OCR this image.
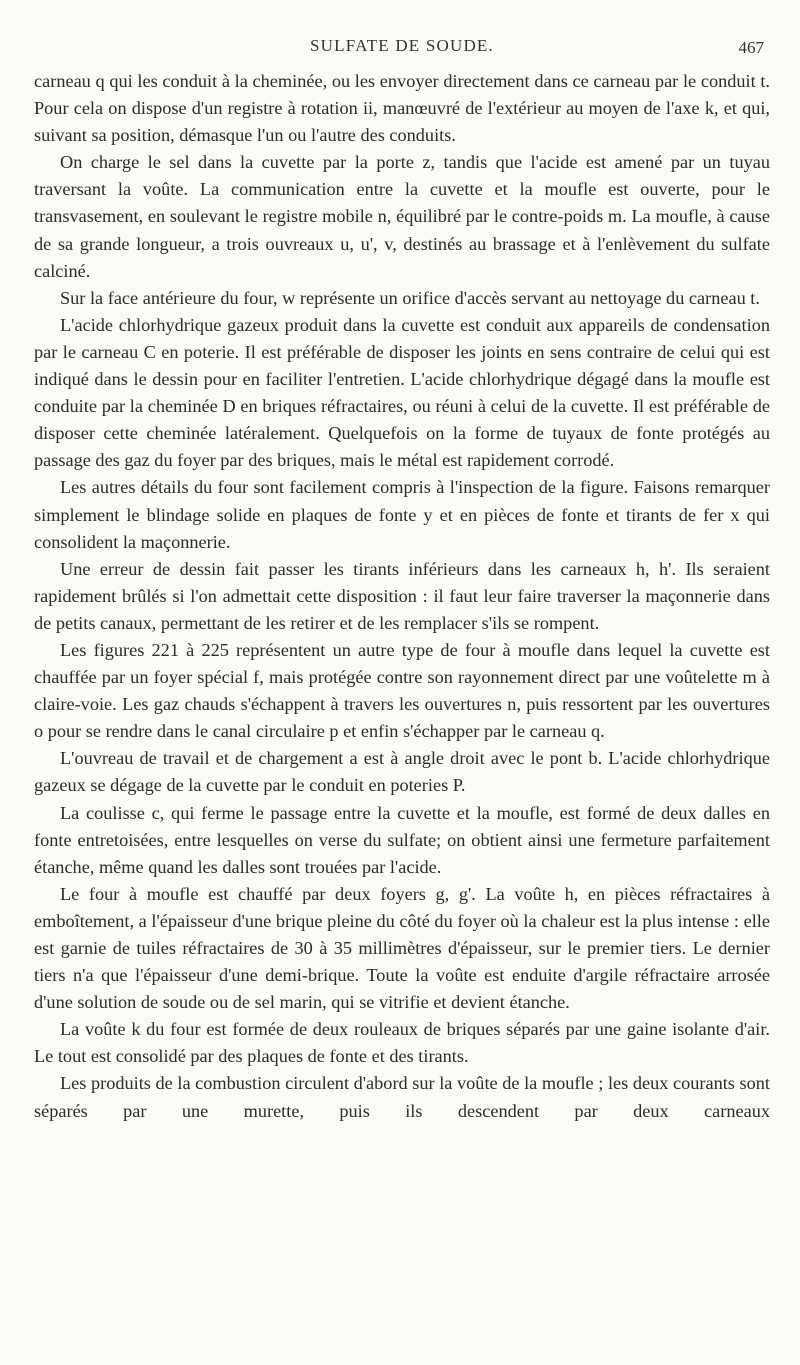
SULFATE DE SOUDE.	467

carneau q qui les conduit à la cheminée, ou les envoyer directement dans ce carneau par le conduit t. Pour cela on dispose d'un registre à rotation ii, manœuvré de l'extérieur au moyen de l'axe k, et qui, suivant sa position, démasque l'un ou l'autre des conduits.

On charge le sel dans la cuvette par la porte z, tandis que l'acide est amené par un tuyau traversant la voûte. La communication entre la cuvette et la moufle est ouverte, pour le transvasement, en soulevant le registre mobile n, équilibré par le contre-poids m. La moufle, à cause de sa grande longueur, a trois ouvreaux u, u', v, destinés au brassage et à l'enlèvement du sulfate calciné.

Sur la face antérieure du four, w représente un orifice d'accès servant au nettoyage du carneau t.

L'acide chlorhydrique gazeux produit dans la cuvette est conduit aux appareils de condensation par le carneau C en poterie. Il est préférable de disposer les joints en sens contraire de celui qui est indiqué dans le dessin pour en faciliter l'entretien. L'acide chlorhydrique dégagé dans la moufle est conduite par la cheminée D en briques réfractaires, ou réuni à celui de la cuvette. Il est préférable de disposer cette cheminée latéralement. Quelquefois on la forme de tuyaux de fonte protégés au passage des gaz du foyer par des briques, mais le métal est rapidement corrodé.

Les autres détails du four sont facilement compris à l'inspection de la figure. Faisons remarquer simplement le blindage solide en plaques de fonte y et en pièces de fonte et tirants de fer x qui consolident la maçonnerie.

Une erreur de dessin fait passer les tirants inférieurs dans les carneaux h, h'. Ils seraient rapidement brûlés si l'on admettait cette disposition : il faut leur faire traverser la maçonnerie dans de petits canaux, permettant de les retirer et de les remplacer s'ils se rompent.

Les figures 221 à 225 représentent un autre type de four à moufle dans lequel la cuvette est chauffée par un foyer spécial f, mais protégée contre son rayonnement direct par une voûtelette m à claire-voie. Les gaz chauds s'échappent à travers les ouvertures n, puis ressortent par les ouvertures o pour se rendre dans le canal circulaire p et enfin s'échapper par le carneau q.

L'ouvreau de travail et de chargement a est à angle droit avec le pont b. L'acide chlorhydrique gazeux se dégage de la cuvette par le conduit en poteries P.

La coulisse c, qui ferme le passage entre la cuvette et la moufle, est formé de deux dalles en fonte entretoisées, entre lesquelles on verse du sulfate; on obtient ainsi une fermeture parfaitement étanche, même quand les dalles sont trouées par l'acide.

Le four à moufle est chauffé par deux foyers g, g'. La voûte h, en pièces réfractaires à emboîtement, a l'épaisseur d'une brique pleine du côté du foyer où la chaleur est la plus intense : elle est garnie de tuiles réfractaires de 30 à 35 millimètres d'épaisseur, sur le premier tiers. Le dernier tiers n'a que l'épaisseur d'une demi-brique. Toute la voûte est enduite d'argile réfractaire arrosée d'une solution de soude ou de sel marin, qui se vitrifie et devient étanche.

La voûte k du four est formée de deux rouleaux de briques séparés par une gaine isolante d'air. Le tout est consolidé par des plaques de fonte et des tirants.

Les produits de la combustion circulent d'abord sur la voûte de la moufle ; les deux courants sont séparés par une murette, puis ils descendent par deux carneaux
